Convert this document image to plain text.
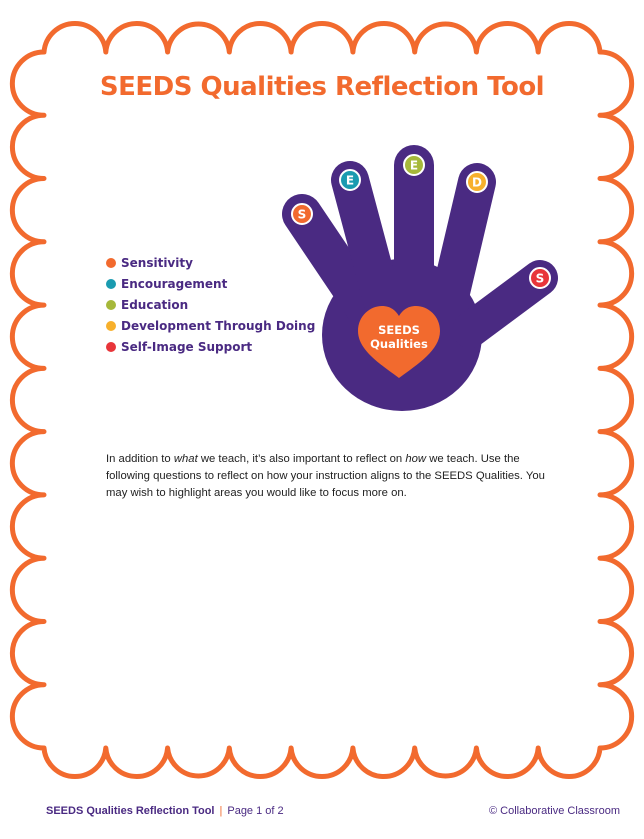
SEEDS Qualities Reflection Tool
S
E
E
D
S
SEEDS
Qualities
Sensitivity
Encouragement
Education
Development Through Doing
Self-Image Support

In addition to what we teach, it’s also important to reflect on how we teach. Use the following questions to reflect on how your instruction aligns to the SEEDS Qualities. You may wish to highlight areas you would like to focus more on.

SEEDS Qualities Reflection Tool | Page 1 of 2	© Collaborative Classroom
